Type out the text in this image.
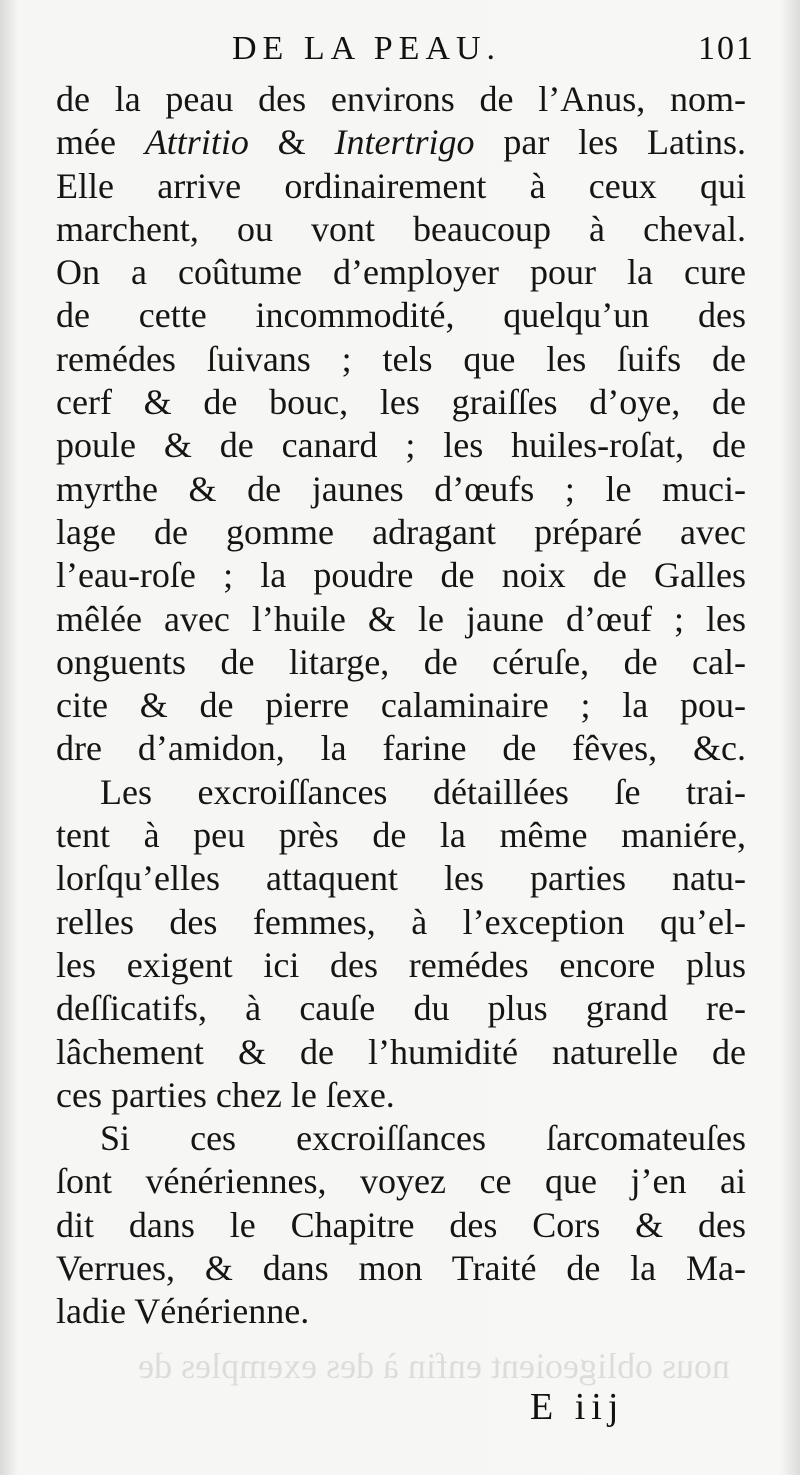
nous obligeoient enfin à des exemples de
DE LA PEAU.	101
de la peau des environs de l’Anus, nom-
mée Attritio & Intertrigo par les Latins.
Elle arrive ordinairement à ceux qui
marchent, ou vont beaucoup à cheval.
On a coûtume d’employer pour la cure
de cette incommodité, quelqu’un des
remédes ſuivans ; tels que les ſuifs de
cerf & de bouc, les graiſſes d’oye, de
poule & de canard ; les huiles-roſat, de
myrthe & de jaunes d’œufs ; le muci-
lage de gomme adragant préparé avec
l’eau-roſe ; la poudre de noix de Galles
mêlée avec l’huile & le jaune d’œuf ; les
onguents de litarge, de céruſe, de cal-
cite & de pierre calaminaire ; la pou-
dre d’amidon, la farine de fêves, &c.
Les excroiſſances détaillées ſe trai-
tent à peu près de la même maniére,
lorſqu’elles attaquent les parties natu-
relles des femmes, à l’exception qu’el-
les exigent ici des remédes encore plus
deſſicatifs, à cauſe du plus grand re-
lâchement & de l’humidité naturelle de
ces parties chez le ſexe.
Si ces excroiſſances ſarcomateuſes
ſont vénériennes, voyez ce que j’en ai
dit dans le Chapitre des Cors & des
Verrues, & dans mon Traité de la Ma-
ladie Vénérienne.
E iij
